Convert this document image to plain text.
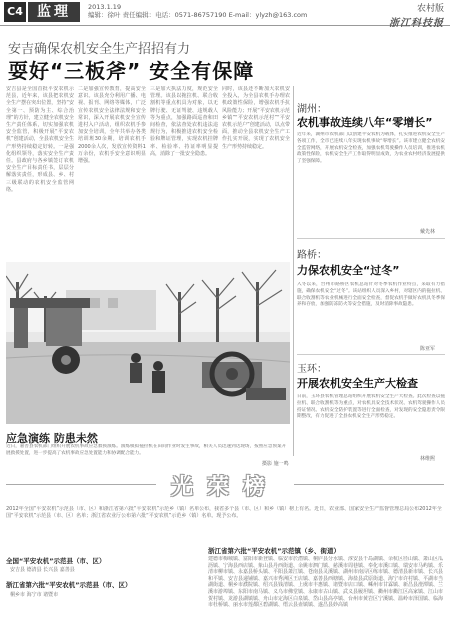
C4	监理	2013.1.19
编辑：徐叶 责任编辑：电话：0571-86757190 E-mail：ylyzh@163.com
农村版
浙江科技报
安吉确保农机安全生产招招有力
耍好“三板斧” 安全有保障
安吉县是全国首批平安农机示范县，近年来，该县把农机安全生产摆在突出位置，坚持“安全第一、预防为主、综合治理”的方针，建立健全农机安全生产责任体系，切实加强农机安全监管，积极开展“平安农机”创建活动，全县农机安全生产形势持续稳定好转。一是强化组织领导，落实安全生产责任。县政府与各乡镇签订农机安全生产目标责任书，层层分解落实责任，形成县、乡、村三级联动的农机安全监管网络。
二是加强宣传教育，提高安全意识。该县充分利用广播、电视、报刊、网络等媒体，广泛宣传农机安全法律法规和安全常识，深入开展农机安全宣传进村入户活动，组织农机手参加安全培训，全年共举办各类培训班30余期，培训农机手2000余人次，发放宣传资料1万余份，农机手安全意识明显增强。
三是加大执法力度，规范安全管理。该县以拖拉机、联合收割机等重点机具为对象，以无牌行驶、无证驾驶、违规载人等为重点，加强路面巡查和田间检查，依法查处农机违法违规行为，积极推进农机安全检验和牌证管理，实现农机挂牌率、检验率、持证率明显提高，消除了一批安全隐患。
同时，该县还不断加大农机安全投入，为全县农机手办理农机政策性保险，增强农机手抗风险能力；开展“平安农机示范乡镇”“平安农机示范村”“平安农机示范户”创建活动，以点带面，推动全县农机安全生产工作扎实开展，实现了农机安全生产形势持续稳定。
湖州：
农机事故连续八年“零增长”
近年来，湖州市农机部门以创建平安农机为载体，扎实推进农机安全生产各项工作，全市已连续八年实现农机事故“零增长”。该市建立健全农机安全监管网络，开展农机安全检查，加强农机驾驶操作人员培训，推进农机政策性保险，农机安全生产工作取得明显成效，为农业农村经济发展提供了坚强保障。
戴先林
路桥：
力保农机安全“过冬”
入冬以来，台州市路桥区农机总站针对冬季农机作业特点，采取有力措施，确保农机安全“过冬”。该站组织人员深入乡村，对辖区内的拖拉机、联合收割机等农业机械进行全面安全检查，督促农机手做好农机具冬季保养和存放，加强防冻防火等安全措施，及时消除事故隐患。
陈亚军
玉环：
开展农机安全生产大检查
日前，玉环县农机管理总站组织开展农机安全生产大检查。此次检查以拖拉机、联合收割机等为重点，对农机具安全技术状况、农机驾驶操作人员持证情况、农机安全防护装置等进行全面检查，对发现的安全隐患责令限期整改，有力促进了全县农机安全生产形势稳定。
林维熙
应急演练 防患未然
近日，嘉善县农机部门组织开展农机事故应急救援演练。演练模拟拖拉机在田间作业时发生事故，相关人员迅速到达现场，按照应急预案开展救援处置，进一步提高了农机事故应急处置能力和协调配合能力。
摄影 施一鸣
光荣榜
2012年全国“平安农机”示范县（市、区）和浙江省第六批“平安农机”示范乡（镇）名单公布，我省多个县（市、区）和乡（镇）榜上有名。近日，农业部、国家安全生产监督管理总局公布2012年全国“平安农机”示范县（市、区）名单；浙江省农业厅公布第六批“平安农机”示范乡（镇）名单。现予公布。
全国“平安农机”示范县（市、区）
安吉县 德清县 长兴县 嘉善县
浙江省第六批“平安农机”示范县（市、区）
桐乡市 海宁市 诸暨市
浙江省第六批“平安农机”示范镇（乡、街道）
建德市梅城镇、富阳市新登镇、临安市於潜镇、桐庐县分水镇、淳安县千岛湖镇、余杭区径山镇、萧山区瓜沥镇、宁海县西店镇、象山县丹西街道、余姚市泗门镇、慈溪市周巷镇、奉化市溪口镇、瑞安市马屿镇、乐清市柳市镇、永嘉县桥头镇、平阳县萧江镇、苍南县灵溪镇、湖州市南浔区练市镇、德清县新市镇、长兴县和平镇、安吉县递铺镇、嘉兴市秀洲区王店镇、嘉善县西塘镇、海盐县武原街道、海宁市许村镇、平湖市当湖街道、桐乡市濮院镇、绍兴县钱清镇、上虞市丰惠镇、诸暨市店口镇、嵊州市甘霖镇、新昌县澄潭镇、兰溪市游埠镇、东阳市南马镇、义乌市佛堂镇、永康市古山镇、武义县履坦镇、衢州市衢江区高家镇、江山市贺村镇、龙游县湖镇镇、舟山市定海区白泉镇、岱山县高亭镇、台州市黄岩区宁溪镇、温岭市泽国镇、临海市杜桥镇、丽水市莲都区碧湖镇、缙云县壶镇镇、遂昌县妙高镇
